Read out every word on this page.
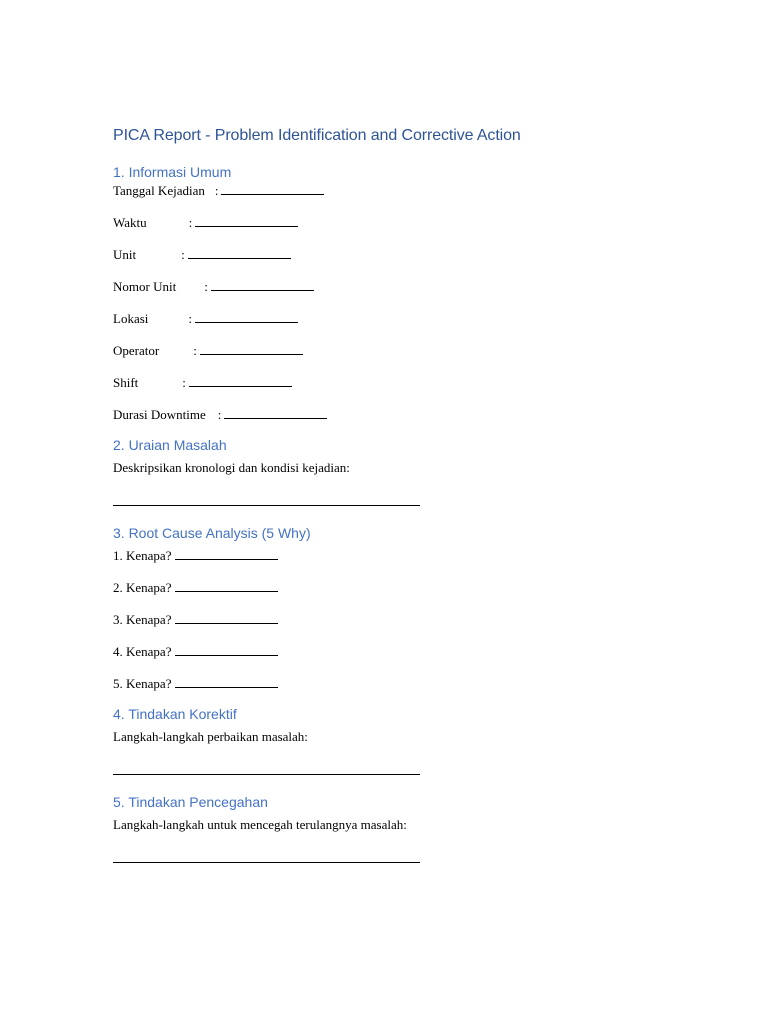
PICA Report - Problem Identification and Corrective Action
1. Informasi Umum
Tanggal Kejadian :
Waktu	:
Unit	:
Nomor Unit :
Lokasi	:
Operator	:
Shift	:
Durasi Downtime :
2. Uraian Masalah

Deskripsikan kronologi dan kondisi kejadian:

3. Root Cause Analysis (5 Why)
1. Kenapa?
2. Kenapa?
3. Kenapa?
4. Kenapa?
5. Kenapa?
4. Tindakan Korektif

Langkah-langkah perbaikan masalah:

5. Tindakan Pencegahan

Langkah-langkah untuk mencegah terulangnya masalah:
